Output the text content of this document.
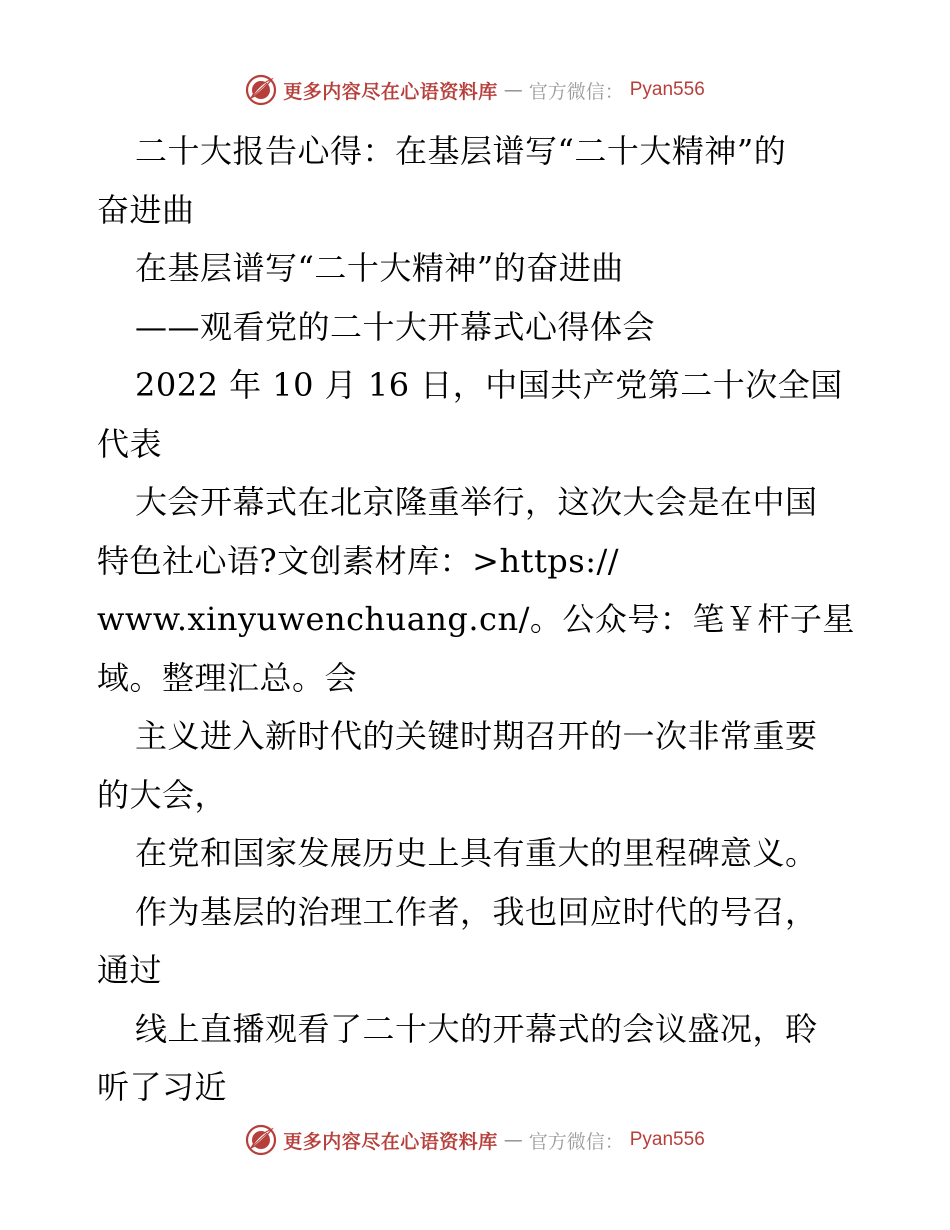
更多内容尽在心语资料库 — 官方微信： Pyan556
二十大报告心得：在基层谱写“二十大精神”的
奋进曲
在基层谱写“二十大精神”的奋进曲
——观看党的二十大开幕式心得体会
2022 年 10 月 16 日，中国共产党第二十次全国
代表
大会开幕式在北京隆重举行，这次大会是在中国
特色社心语?文创素材库：>https://
www.xinyuwenchuang.cn/。公众号：笔￥杆子星
域。整理汇总。会
主义进入新时代的关键时期召开的一次非常重要
的大会，
在党和国家发展历史上具有重大的里程碑意义。
作为基层的治理工作者，我也回应时代的号召，
通过
线上直播观看了二十大的开幕式的会议盛况，聆
听了习近
更多内容尽在心语资料库 — 官方微信： Pyan556
